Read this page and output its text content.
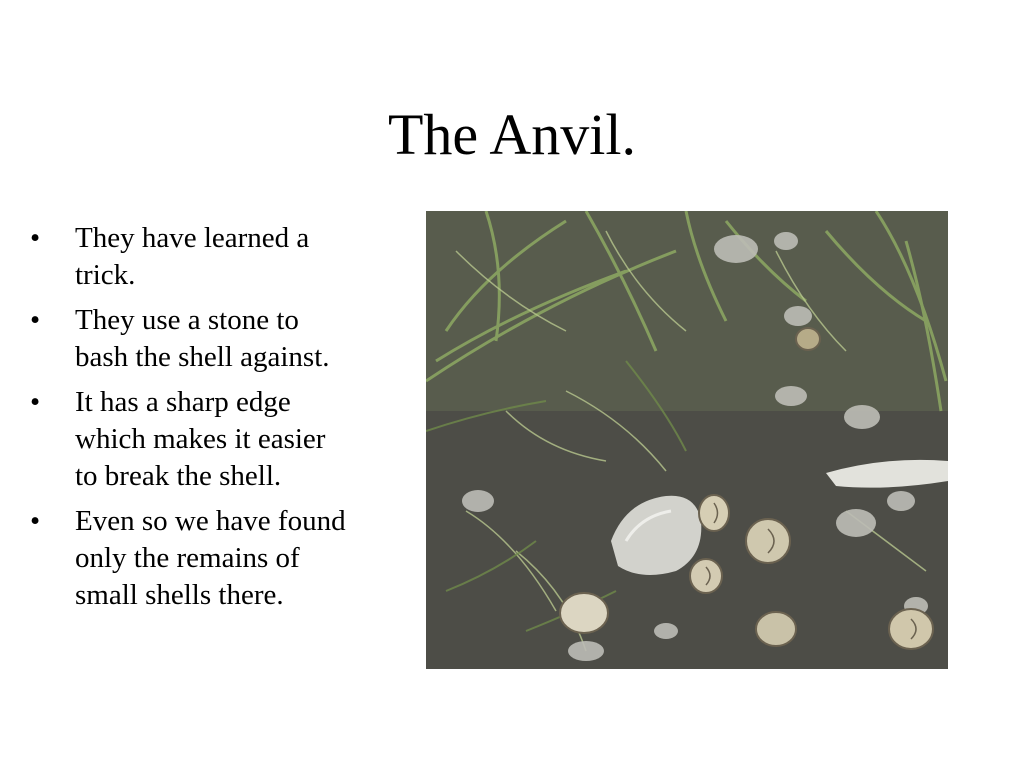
The Anvil.
•	They have learned a trick.
•	They use a stone to bash the shell against.
•	It has a sharp edge which makes it easier to break the shell.
•	Even so we have found only the remains of small shells there.
